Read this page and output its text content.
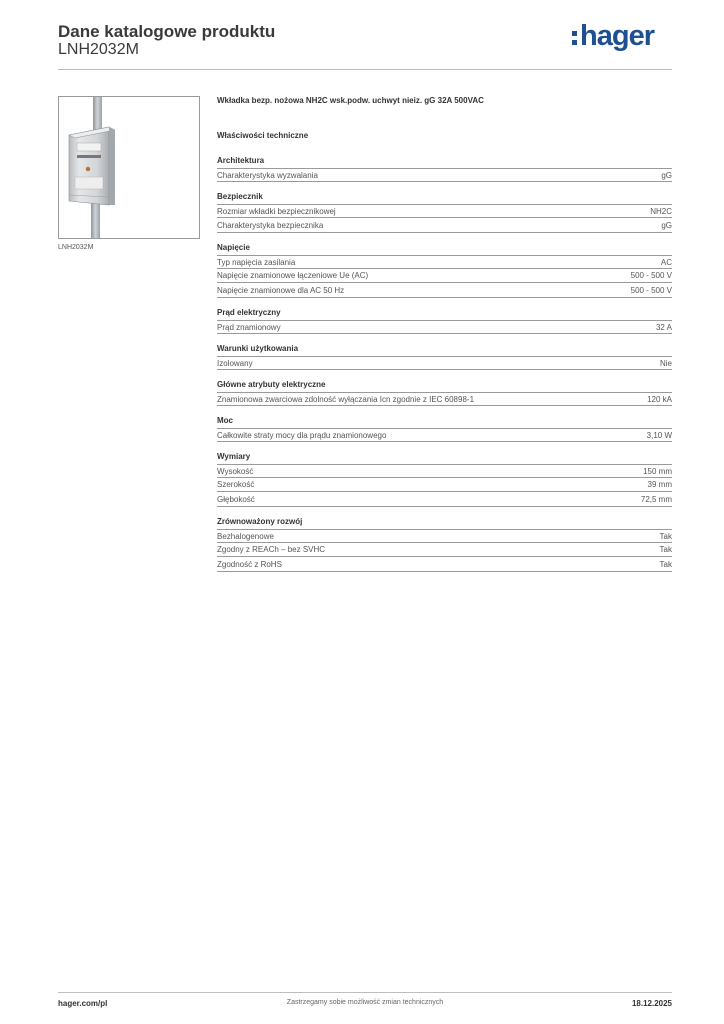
Dane katalogowe produktu
LNH2032M	hager
LNH2032M
Wkładka bezp. nożowa NH2C wsk.podw. uchwyt nieiz. gG 32A 500VAC
Właściwości techniczne
Architektura
Charakterystyka wyzwalania	gG
Bezpiecznik
Rozmiar wkładki bezpiecznikowej	NH2C
Charakterystyka bezpiecznika	gG
Napięcie
Typ napięcia zasilania	AC
Napięcie znamionowe łączeniowe Ue (AC)	500 - 500 V
Napięcie znamionowe dla AC 50 Hz	500 - 500 V
Prąd elektryczny
Prąd znamionowy	32 A
Warunki użytkowania
Izolowany	Nie
Główne atrybuty elektryczne
Znamionowa zwarciowa zdolność wyłączania Icn zgodnie z IEC 60898-1	120 kA
Moc
Całkowite straty mocy dla prądu znamionowego	3,10 W
Wymiary
Wysokość	150 mm
Szerokość	39 mm
Głębokość	72,5 mm
Zrównoważony rozwój
Bezhalogenowe	Tak
Zgodny z REACh – bez SVHC	Tak
Zgodność z RoHS	Tak
hager.com/pl	Zastrzegamy sobie możliwość zmian technicznych	18.12.2025
